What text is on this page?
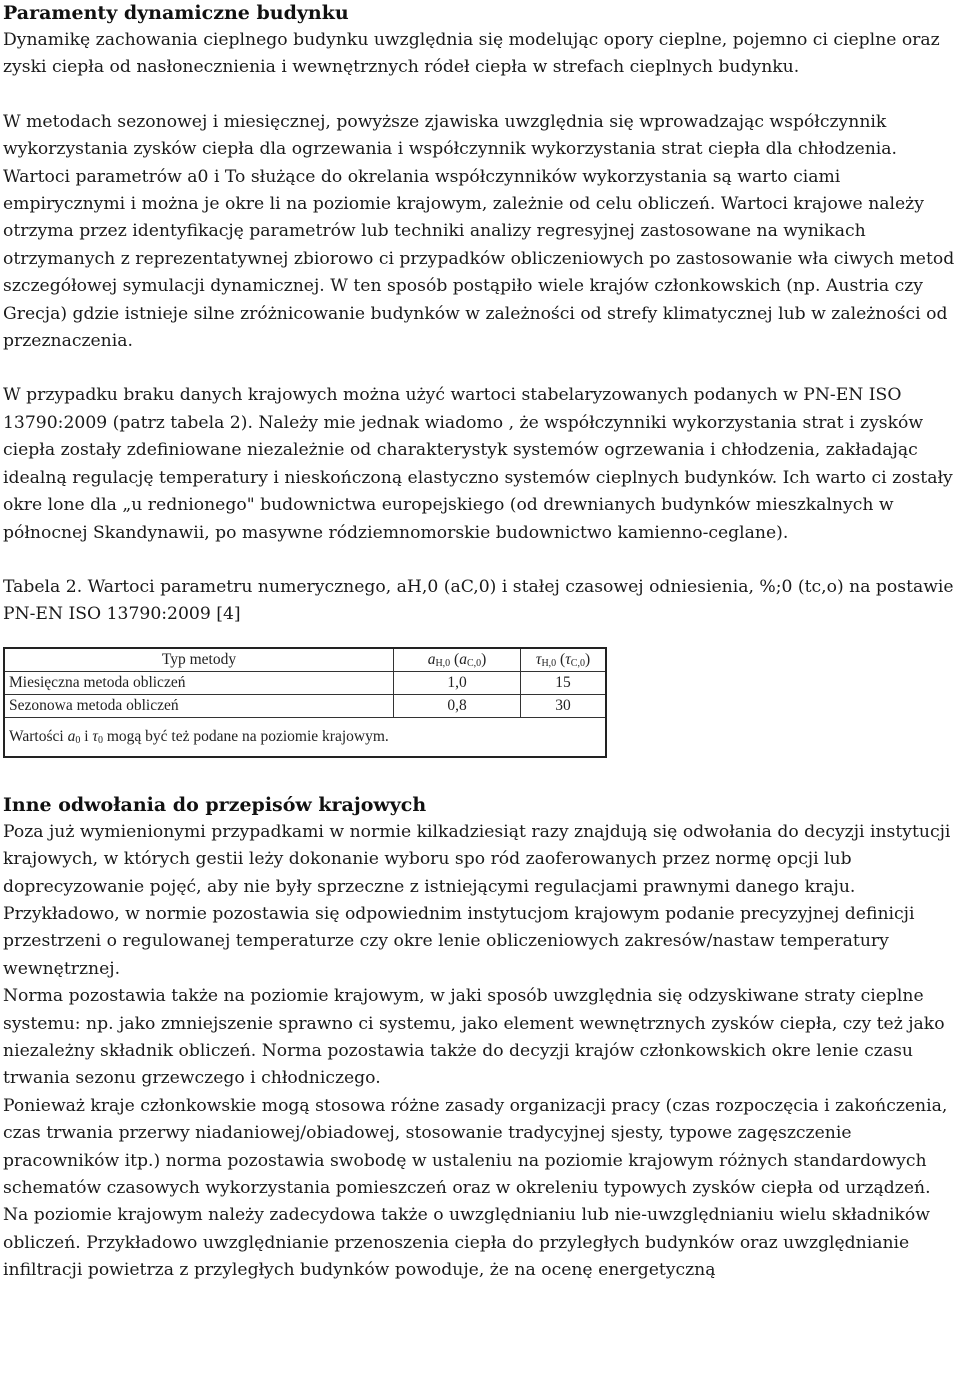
Paramenty dynamiczne budynku

Dynamikę zachowania cieplnego budynku uwzględnia się modelując opory cieplne, pojemno ci cieplne oraz zyski ciepła od nasłonecznienia i wewnętrznych ródeł ciepła w strefach cieplnych budynku.

W metodach sezonowej i miesięcznej, powyższe zjawiska uwzględnia się wprowadzając współczynnik wykorzystania zysków ciepła dla ogrzewania i współczynnik wykorzystania strat ciepła dla chłodzenia. Wartoci parametrów a0 i To służące do okrelania współczynników wykorzystania są warto ciami empirycznymi i można je okre li na poziomie krajowym, zależnie od celu obliczeń. Wartoci krajowe należy otrzyma przez identyfikację parametrów lub techniki analizy regresyjnej zastosowane na wynikach otrzymanych z reprezentatywnej zbiorowo ci przypadków obliczeniowych po zastosowanie wła ciwych metod szczegółowej symulacji dynamicznej. W ten sposób postąpiło wiele krajów członkowskich (np. Austria czy Grecja) gdzie istnieje silne zróżnicowanie budynków w zależności od strefy klimatycznej lub w zależności od przeznaczenia.

W przypadku braku danych krajowych można użyć wartoci stabelaryzowanych podanych w PN-EN ISO 13790:2009 (patrz tabela 2). Należy mie jednak wiadomo , że współczynniki wykorzystania strat i zysków ciepła zostały zdefiniowane niezależnie od charakterystyk systemów ogrzewania i chłodzenia, zakładając idealną regulację temperatury i nieskończoną elastyczno systemów cieplnych budynków. Ich warto ci zostały okre lone dla „u rednionego" budownictwa europejskiego (od drewnianych budynków mieszkalnych w północnej Skandynawii, po masywne ródziemnomorskie budownictwo kamienno-ceglane).

Tabela 2. Wartoci parametru numerycznego, aH,0 (aC,0) i stałej czasowej odniesienia, %;0 (tc,o) na postawie PN-EN ISO 13790:2009 [4]

Typ metody	$a_{H,0}$ $(a_{C,0})$	$\tau_{H,0}$ $(\tau_{C,0})$
Miesięczna metoda obliczeń	1,0	15
Sezonowa metoda obliczeń	0,8	30
Wartości $a_0$ i $\tau_0$ mogą być też podane na poziomie krajowym.		
Inne odwołania do przepisów krajowych

Poza już wymienionymi przypadkami w normie kilkadziesiąt razy znajdują się odwołania do decyzji instytucji krajowych, w których gestii leży dokonanie wyboru spo ród zaoferowanych przez normę opcji lub doprecyzowanie pojęć, aby nie były sprzeczne z istniejącymi regulacjami prawnymi danego kraju.

Przykładowo, w normie pozostawia się odpowiednim instytucjom krajowym podanie precyzyjnej definicji przestrzeni o regulowanej temperaturze czy okre lenie obliczeniowych zakresów/nastaw temperatury wewnętrznej.

Norma pozostawia także na poziomie krajowym, w jaki sposób uwzględnia się odzyskiwane straty cieplne systemu: np. jako zmniejszenie sprawno ci systemu, jako element wewnętrznych zysków ciepła, czy też jako niezależny składnik obliczeń. Norma pozostawia także do decyzji krajów członkowskich okre lenie czasu trwania sezonu grzewczego i chłodniczego.

Ponieważ kraje członkowskie mogą stosowa różne zasady organizacji pracy (czas rozpoczęcia i zakończenia, czas trwania przerwy niadaniowej/obiadowej, stosowanie tradycyjnej sjesty, typowe zagęszczenie pracowników itp.) norma pozostawia swobodę w ustaleniu na poziomie krajowym różnych standardowych schematów czasowych wykorzystania pomieszczeń oraz w okreleniu typowych zysków ciepła od urządzeń.

Na poziomie krajowym należy zadecydowa także o uwzględnianiu lub nie-uwzględnianiu wielu składników obliczeń. Przykładowo uwzględnianie przenoszenia ciepła do przyległych budynków oraz uwzględnianie infiltracji powietrza z przyległych budynków powoduje, że na ocenę energetyczną
